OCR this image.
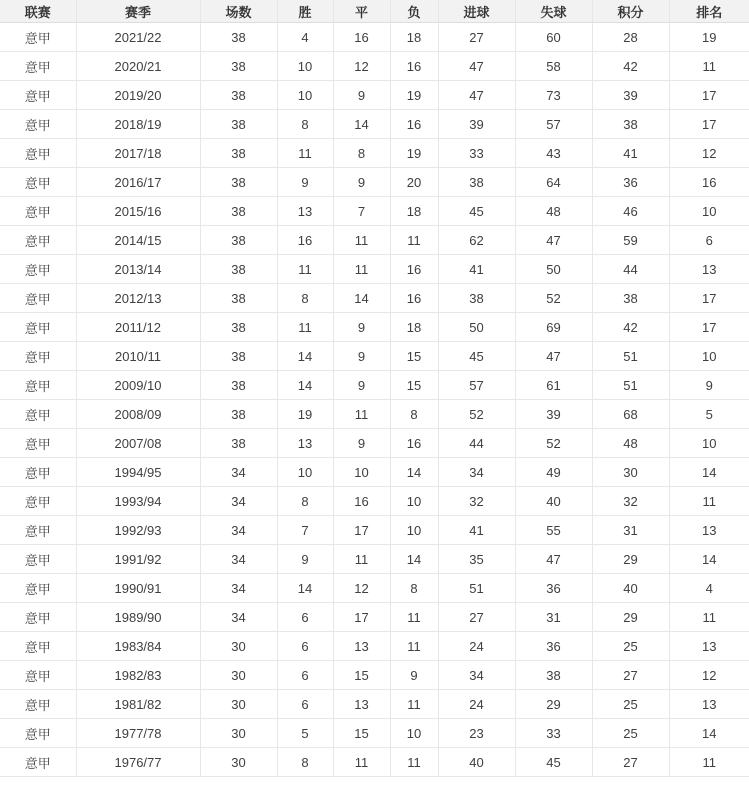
联赛	赛季	场数	胜	平	负	进球	失球	积分	排名
意甲	2021/22	38	4	16	18	27	60	28	19
意甲	2020/21	38	10	12	16	47	58	42	11
意甲	2019/20	38	10	9	19	47	73	39	17
意甲	2018/19	38	8	14	16	39	57	38	17
意甲	2017/18	38	11	8	19	33	43	41	12
意甲	2016/17	38	9	9	20	38	64	36	16
意甲	2015/16	38	13	7	18	45	48	46	10
意甲	2014/15	38	16	11	11	62	47	59	6
意甲	2013/14	38	11	11	16	41	50	44	13
意甲	2012/13	38	8	14	16	38	52	38	17
意甲	2011/12	38	11	9	18	50	69	42	17
意甲	2010/11	38	14	9	15	45	47	51	10
意甲	2009/10	38	14	9	15	57	61	51	9
意甲	2008/09	38	19	11	8	52	39	68	5
意甲	2007/08	38	13	9	16	44	52	48	10
意甲	1994/95	34	10	10	14	34	49	30	14
意甲	1993/94	34	8	16	10	32	40	32	11
意甲	1992/93	34	7	17	10	41	55	31	13
意甲	1991/92	34	9	11	14	35	47	29	14
意甲	1990/91	34	14	12	8	51	36	40	4
意甲	1989/90	34	6	17	11	27	31	29	11
意甲	1983/84	30	6	13	11	24	36	25	13
意甲	1982/83	30	6	15	9	34	38	27	12
意甲	1981/82	30	6	13	11	24	29	25	13
意甲	1977/78	30	5	15	10	23	33	25	14
意甲	1976/77	30	8	11	11	40	45	27	11
